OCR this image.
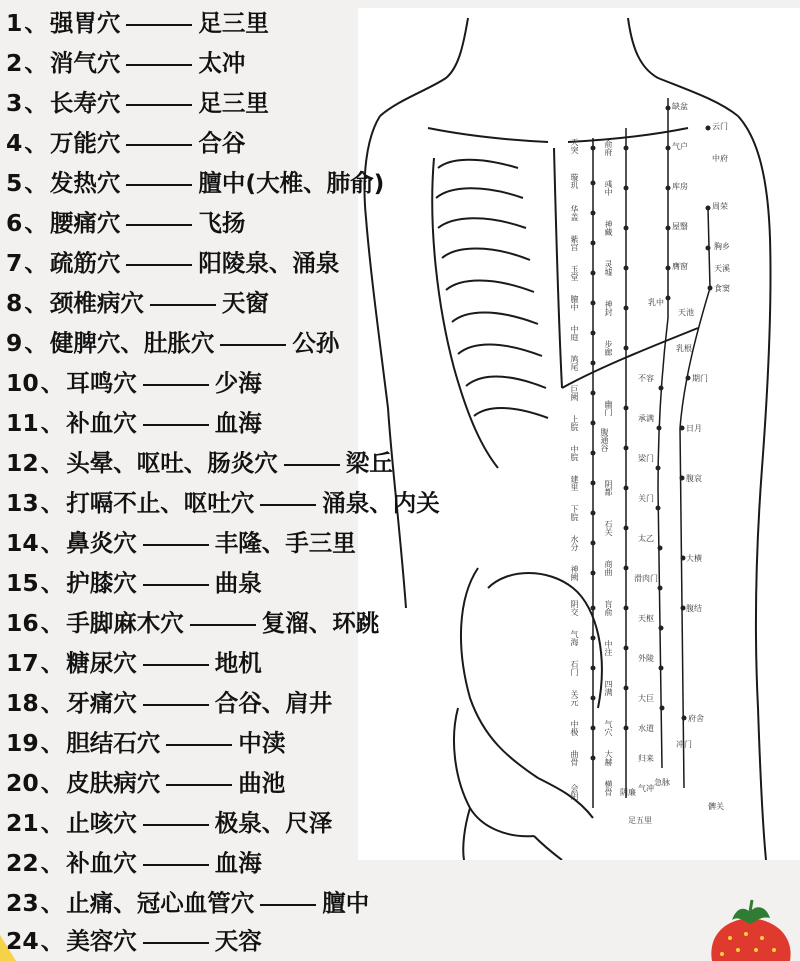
天突
璇玑
华盖
紫宫
玉堂
膻中
中庭
鸠尾
巨阙
上脘
中脘
建里
下脘
水分
神阙
阴交
气海
石门
关元
中极
曲骨
会阴
俞府
彧中
神藏
灵墟
神封
步廊
幽门
腹通谷
阴都
石关
商曲
肓俞
中注
四满
气穴
大赫
横骨
缺盆
气户
库房
屋翳
膺窗
乳中
乳根
不容
承满
梁门
关门
太乙
滑肉门
天枢
外陵
大巨
水道
归来
气冲
云门
中府
周荣
胸乡
天溪
食窦
天池
期门
日月
腹哀
大横
腹结
府舍
冲门
急脉
阴廉
足五里
髀关
1、强胃穴	足三里
2、消气穴	太冲
3、长寿穴	足三里
4、万能穴	合谷
5、发热穴	膻中(大椎、肺俞)
6、腰痛穴	飞扬
7、疏筋穴	阳陵泉、涌泉
8、颈椎病穴	天窗
9、健脾穴、肚胀穴	公孙
10、耳鸣穴	少海
11、补血穴	血海
12、头晕、呕吐、肠炎穴	梁丘
13、打嗝不止、呕吐穴	涌泉、内关
14、鼻炎穴	丰隆、手三里
15、护膝穴	曲泉
16、手脚麻木穴	复溜、环跳
17、糖尿穴	地机
18、牙痛穴	合谷、肩井
19、胆结石穴	中渎
20、皮肤病穴	曲池
21、止咳穴	极泉、尺泽
22、补血穴	血海
23、止痛、冠心血管穴	膻中
24、美容穴	天容
